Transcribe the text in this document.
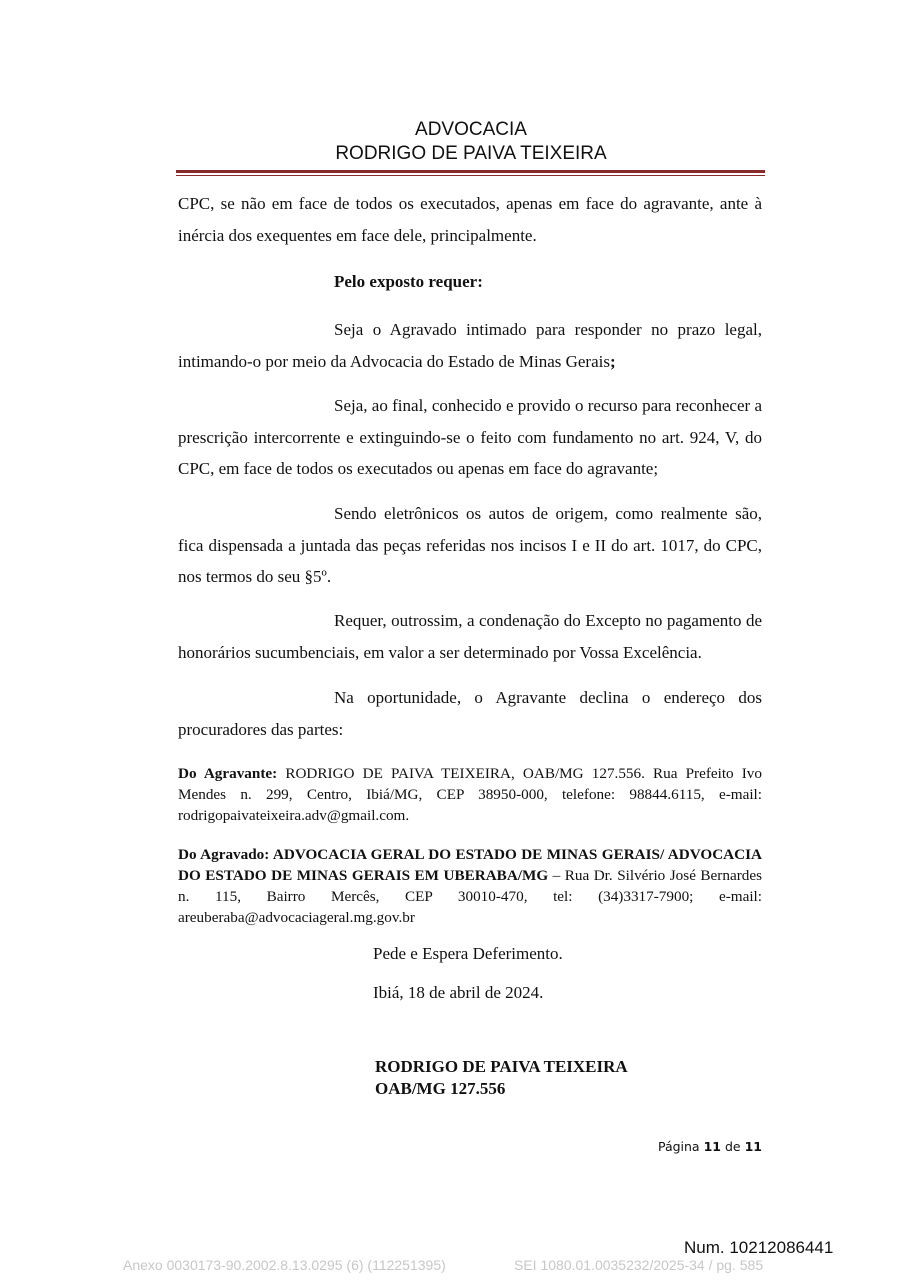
ADVOCACIA
RODRIGO DE PAIVA TEIXEIRA
CPC, se não em face de todos os executados, apenas em face do agravante, ante à inércia dos exequentes em face dele, principalmente.
Pelo exposto requer:
Seja o Agravado intimado para responder no prazo legal, intimando-o por meio da Advocacia do Estado de Minas Gerais;
Seja, ao final, conhecido e provido o recurso para reconhecer a prescrição intercorrente e extinguindo-se o feito com fundamento no art. 924, V, do CPC, em face de todos os executados ou apenas em face do agravante;
Sendo eletrônicos os autos de origem, como realmente são, fica dispensada a juntada das peças referidas nos incisos I e II do art. 1017, do CPC, nos termos do seu §5º.
Requer, outrossim, a condenação do Excepto no pagamento de honorários sucumbenciais, em valor a ser determinado por Vossa Excelência.
Na oportunidade, o Agravante declina o endereço dos procuradores das partes:
Do Agravante: RODRIGO DE PAIVA TEIXEIRA, OAB/MG 127.556. Rua Prefeito Ivo Mendes n. 299, Centro, Ibiá/MG, CEP 38950-000, telefone: 98844.6115, e-mail: rodrigopaivateixeira.adv@gmail.com.
Do Agravado: ADVOCACIA GERAL DO ESTADO DE MINAS GERAIS/ ADVOCACIA DO ESTADO DE MINAS GERAIS EM UBERABA/MG – Rua Dr. Silvério José Bernardes n. 115, Bairro Mercês, CEP 30010-470, tel: (34)3317-7900; e-mail: areuberaba@advocaciageral.mg.gov.br
Pede e Espera Deferimento.
Ibiá, 18 de abril de 2024.
RODRIGO DE PAIVA TEIXEIRA
OAB/MG 127.556
Página 11 de 11
Num. 10212086441
Anexo 0030173-90.2002.8.13.0295 (6) (112251395)	SEI 1080.01.0035232/2025-34 / pg. 585
